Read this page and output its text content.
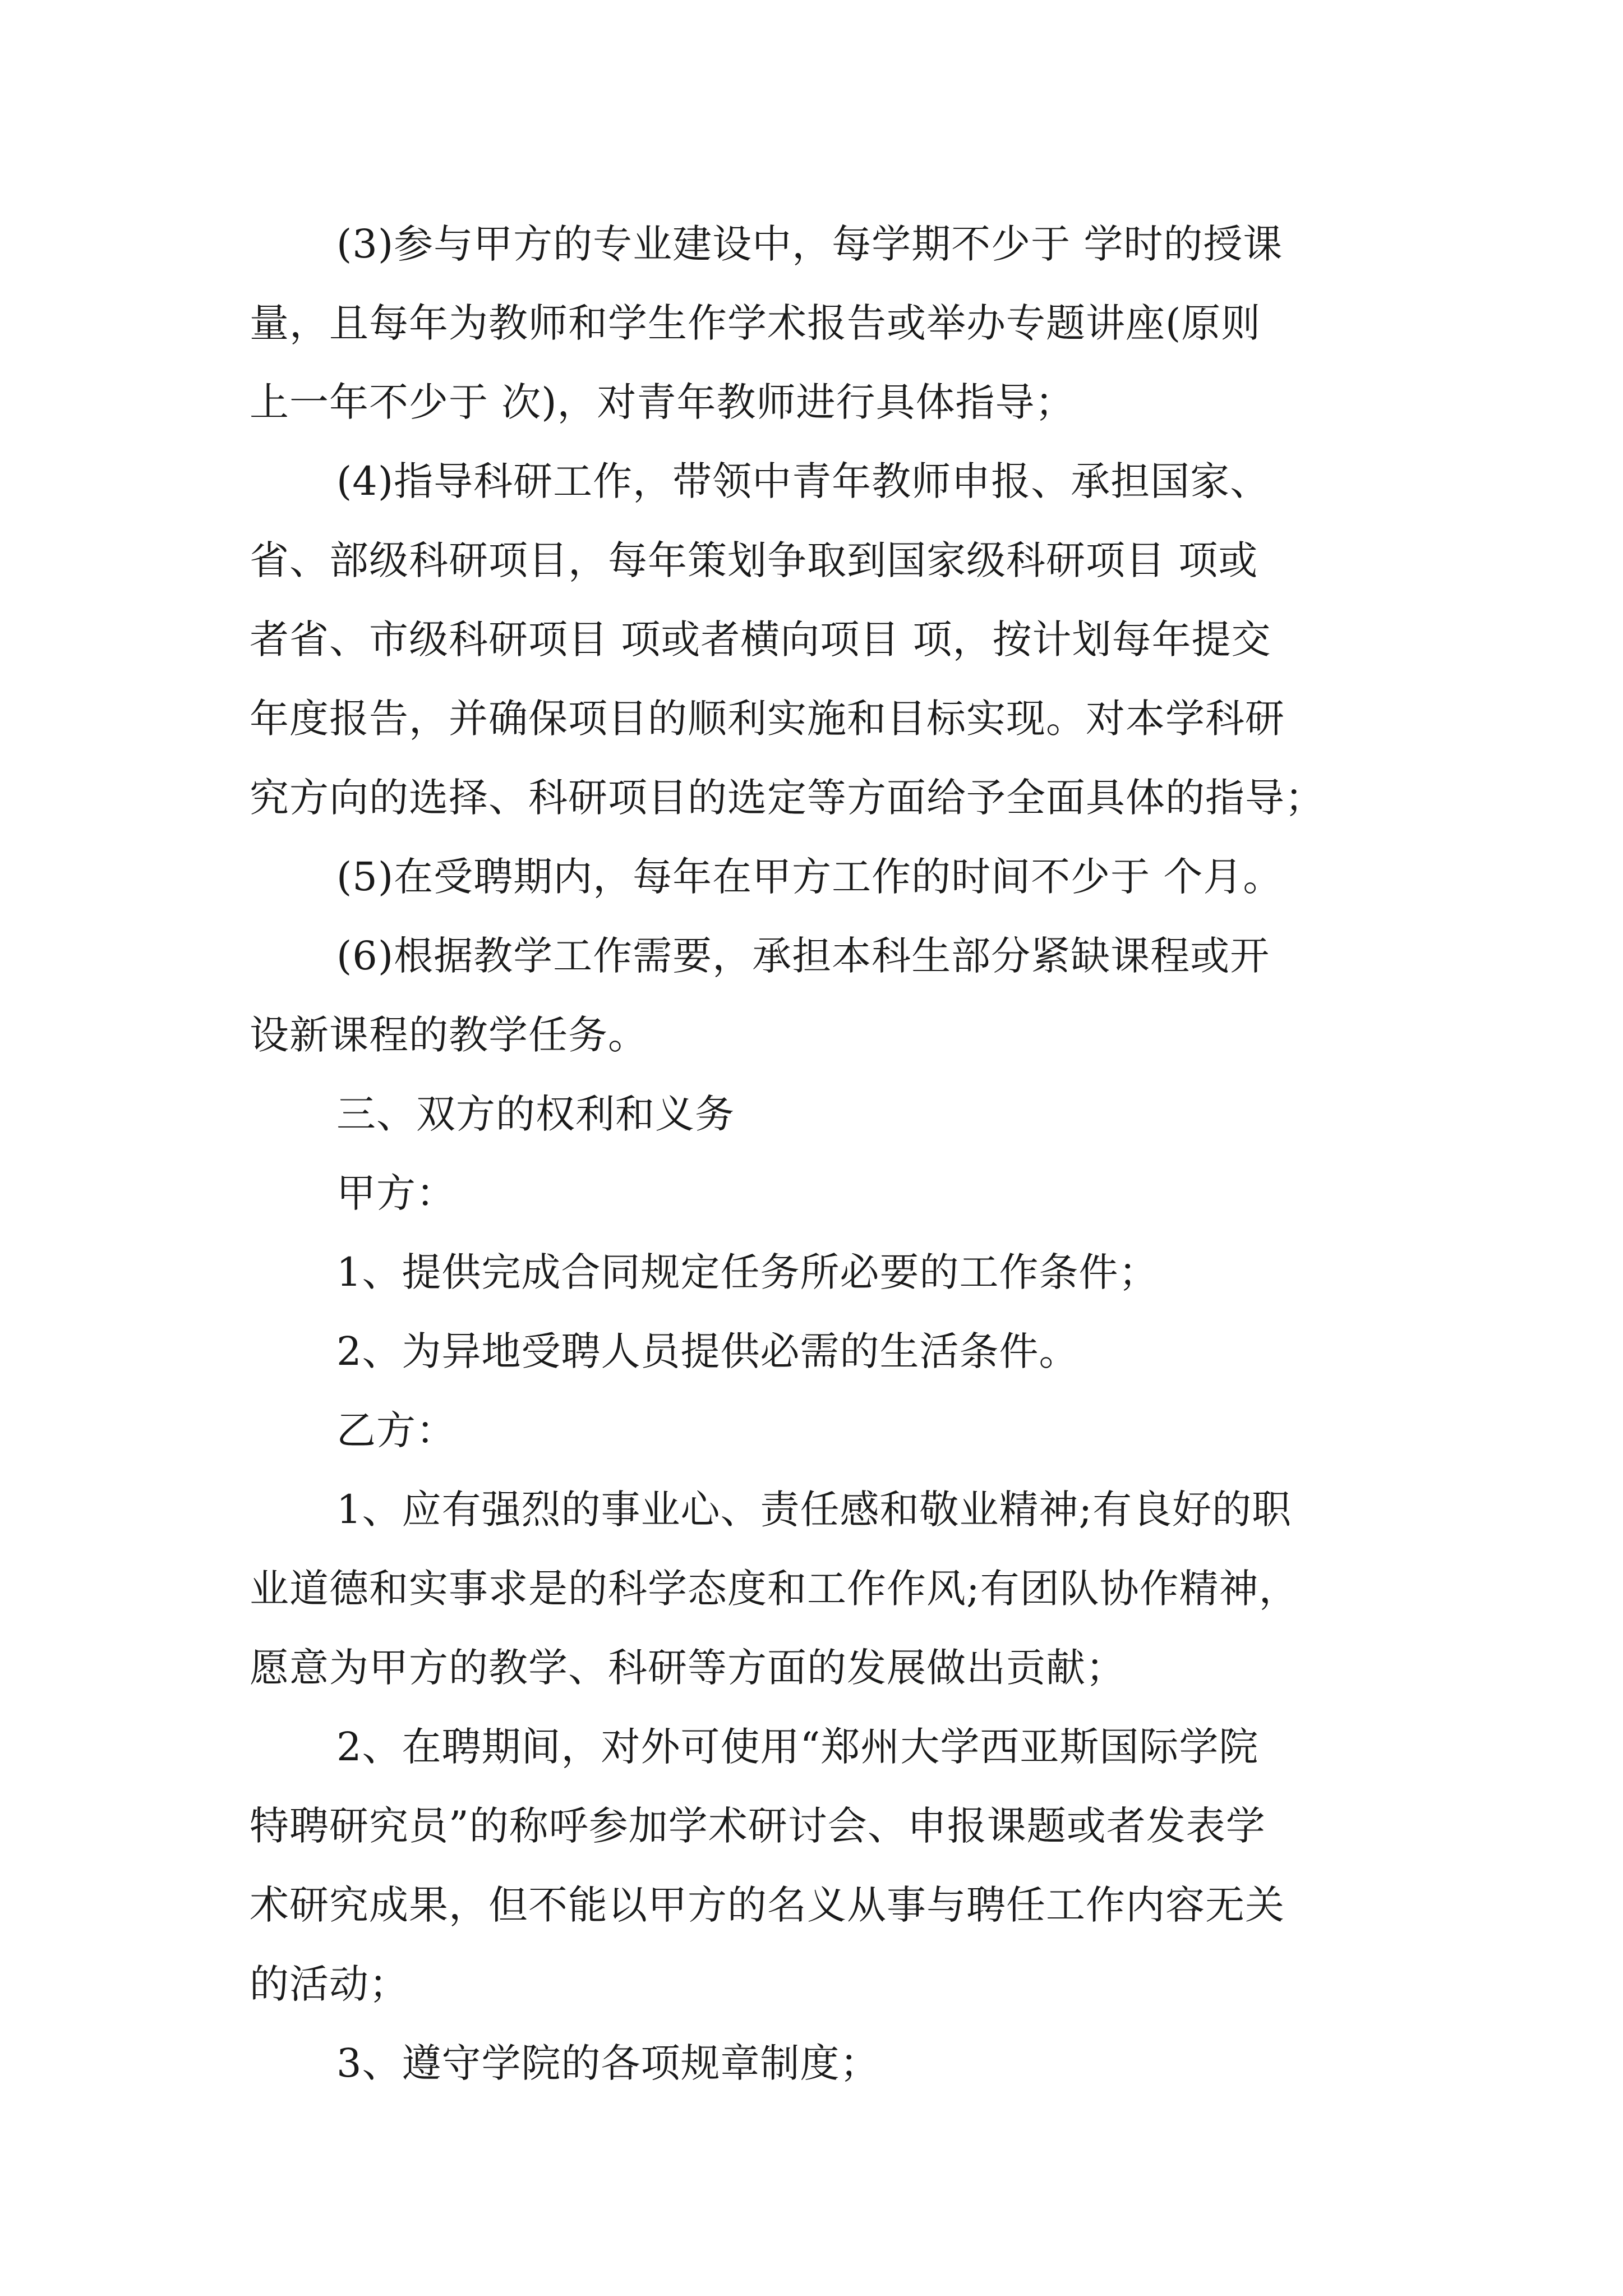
(3)参与甲方的专业建设中，每学期不少于 学时的授课

量，且每年为教师和学生作学术报告或举办专题讲座(原则

上一年不少于 次)，对青年教师进行具体指导；

(4)指导科研工作，带领中青年教师申报、承担国家、

省、部级科研项目，每年策划争取到国家级科研项目 项或

者省、市级科研项目 项或者横向项目 项，按计划每年提交

年度报告，并确保项目的顺利实施和目标实现。对本学科研

究方向的选择、科研项目的选定等方面给予全面具体的指导；

(5)在受聘期内，每年在甲方工作的时间不少于 个月。

(6)根据教学工作需要，承担本科生部分紧缺课程或开

设新课程的教学任务。

三、双方的权利和义务

甲方：

1、提供完成合同规定任务所必要的工作条件；

2、为异地受聘人员提供必需的生活条件。

乙方：

1、应有强烈的事业心、责任感和敬业精神;有良好的职

业道德和实事求是的科学态度和工作作风;有团队协作精神，

愿意为甲方的教学、科研等方面的发展做出贡献；

2、在聘期间，对外可使用“郑州大学西亚斯国际学院

特聘研究员”的称呼参加学术研讨会、申报课题或者发表学

术研究成果，但不能以甲方的名义从事与聘任工作内容无关

的活动；

3、遵守学院的各项规章制度；
